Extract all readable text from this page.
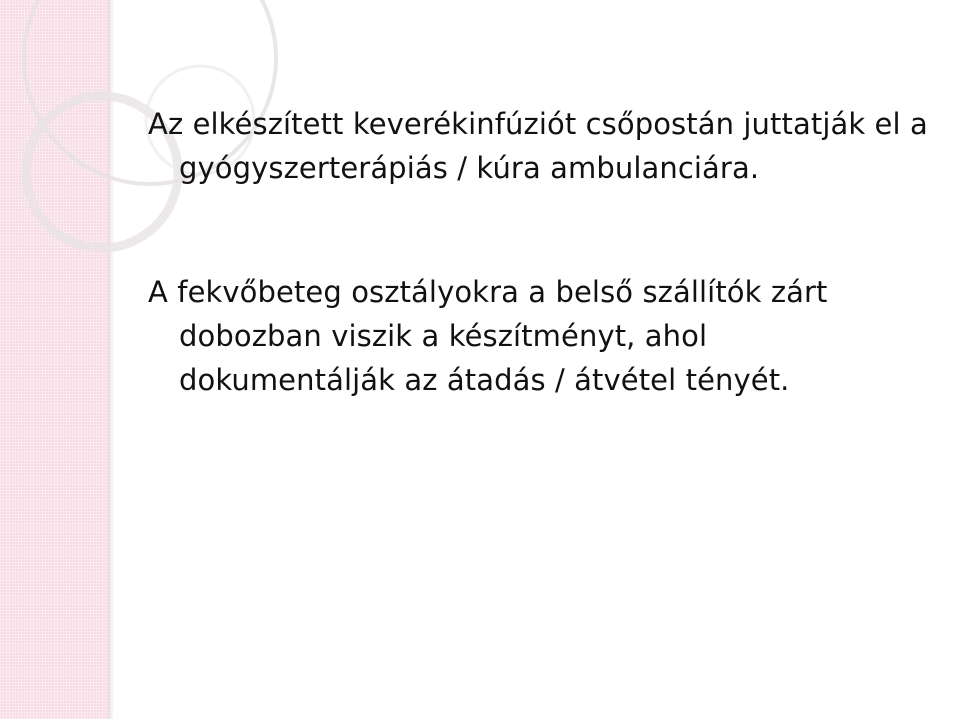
Az elkészített keverékinfúziót csőpostán juttatják el a gyógyszerterápiás / kúra ambulanciára.

A fekvőbeteg osztályokra a belső szállítók zárt dobozban viszik a készítményt, ahol dokumentálják az átadás / átvétel tényét.
